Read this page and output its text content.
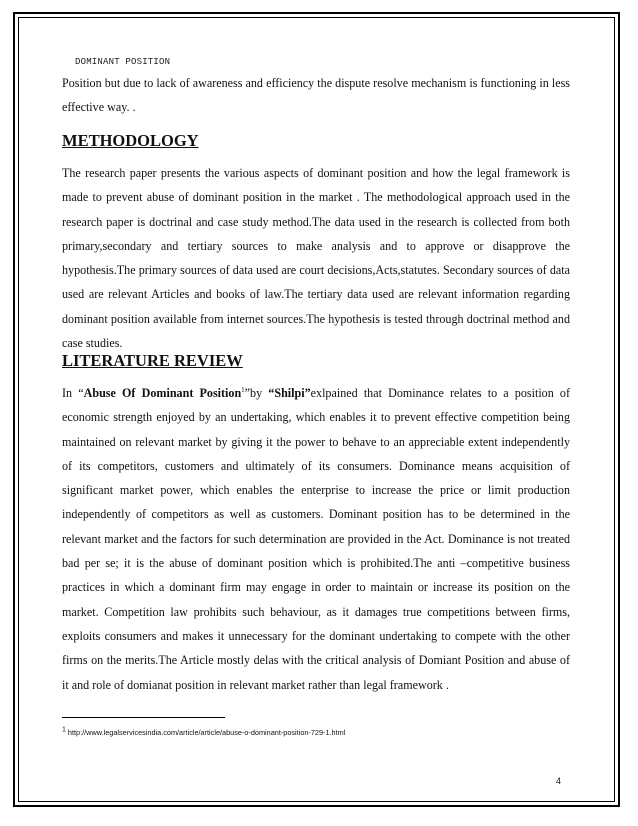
DOMINANT POSITION
Position but due to lack of awareness and efficiency the dispute resolve mechanism is functioning in less effective way. .
METHODOLOGY
The research paper presents the various aspects of dominant position and how the legal framework is made to prevent abuse of dominant position in the market . The methodological approach used in the research paper is doctrinal and case study method.The data used in the research is collected from both primary,secondary and tertiary sources to make analysis and to approve or disapprove the hypothesis.The primary sources of data used are court decisions,Acts,statutes. Secondary sources of data used are relevant Articles and books of law.The tertiary data used are relevant information regarding dominant position available from internet sources.The hypothesis is tested through doctrinal method and case studies.
LITERATURE REVIEW
In “Abuse Of Dominant Position$^1$”by “Shilpi”exlpained that Dominance relates to a position of economic strength enjoyed by an undertaking, which enables it to prevent effective competition being maintained on relevant market by giving it the power to behave to an appreciable extent independently of its competitors, customers and ultimately of its consumers. Dominance means acquisition of significant market power, which enables the enterprise to increase the price or limit production independently of competitors as well as customers. Dominant position has to be determined in the relevant market and the factors for such determination are provided in the Act. Dominance is not treated bad per se; it is the abuse of dominant position which is prohibited.The anti –competitive business practices in which a dominant firm may engage in order to maintain or increase its position on the market. Competition law prohibits such behaviour, as it damages true competitions between firms, exploits consumers and makes it unnecessary for the dominant undertaking to compete with the other firms on the merits.The Article mostly delas with the critical analysis of Domiant Position and abuse of it and role of domianat position in relevant market rather than legal framework .
1 http://www.legalservicesindia.com/article/article/abuse-o-dominant-position-729-1.html
4
